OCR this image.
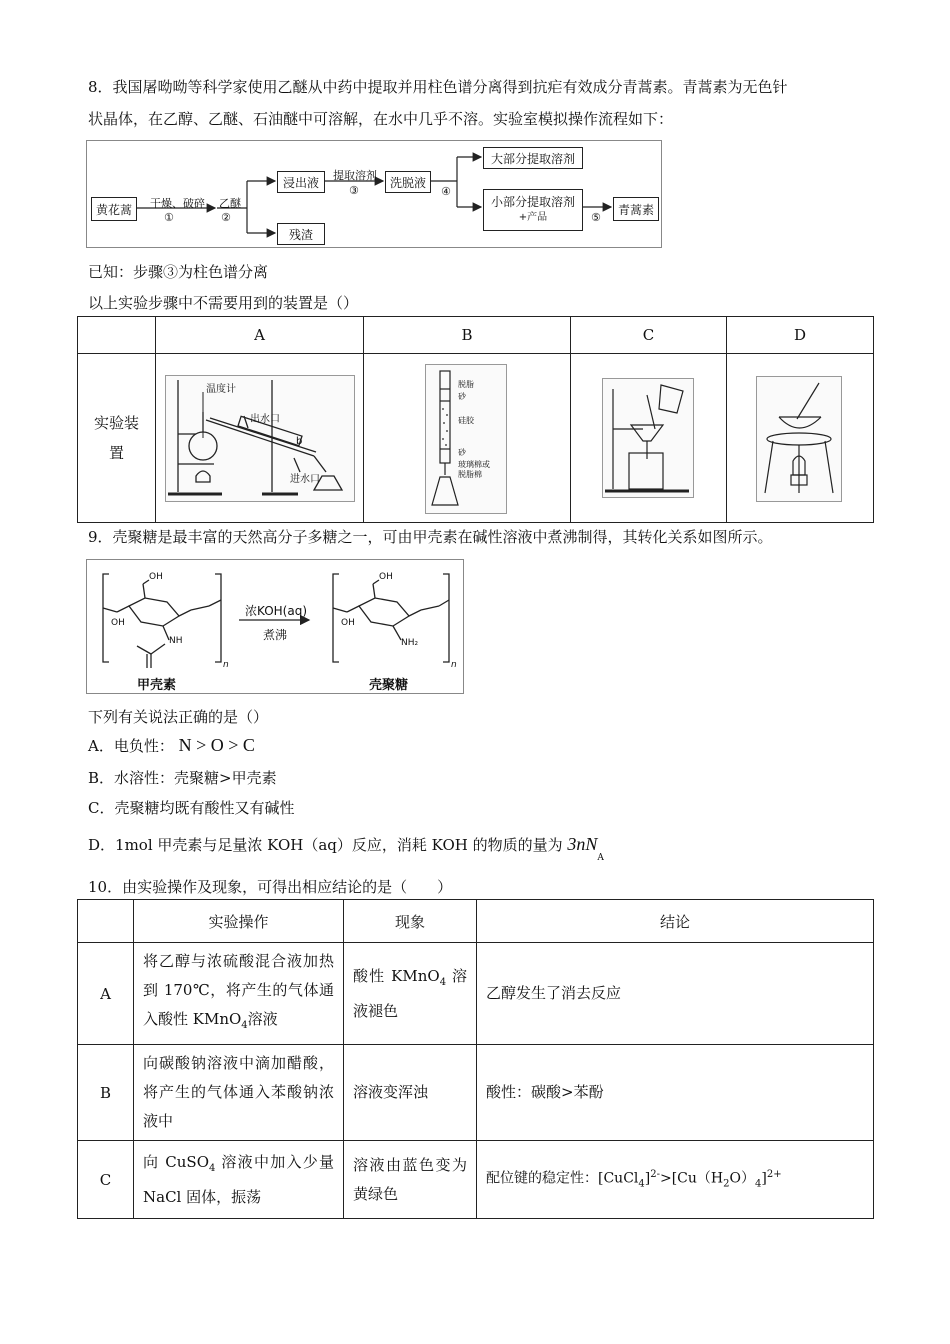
8．我国屠呦呦等科学家使用乙醚从中药中提取并用柱色谱分离得到抗疟有效成分青蒿素。青蒿素为无色针
状晶体，在乙醇、乙醚、石油醚中可溶解，在水中几乎不溶。实验室模拟操作流程如下：
黄花蒿	干燥、破碎
①
乙醚
②
浸出液
残渣
提取溶剂
③
洗脱液
④
大部分提取溶剂
小部分提取溶剂
+产品	⑤
青蒿素
已知：步骤③为柱色谱分离
以上实验步骤中不需要用到的装置是（）
	A	B	C	D

实验装
置				

温度计
出水口
b
进水口
脱脂
砂
硅胶
砂
玻璃棉或
脱脂棉
9．壳聚糖是最丰富的天然高分子多糖之一，可由甲壳素在碱性溶液中煮沸制得，其转化关系如图所示。
OH
OH
NH
n
浓KOH(aq)
煮沸
OH
OH
NH₂
n
甲壳素	壳聚糖
下列有关说法正确的是（）
A．电负性： N > O > C
B．水溶性：壳聚糖>甲壳素
C．壳聚糖均既有酸性又有碱性
D．1mol 甲壳素与足量浓 KOH（aq）反应，消耗 KOH 的物质的量为 $3nN_A$
10．由实验操作及现象，可得出相应结论的是（　　）
	实验操作	现象	结论
A	将乙醇与浓硫酸混合液加热到 170℃，将产生的气体通入酸性 KMnO$_4$溶液	酸性 KMnO$_4$ 溶液褪色	乙醇发生了消去反应
B	向碳酸钠溶液中滴加醋酸，将产生的气体通入苯酸钠浓液中	溶液变浑浊	酸性：碳酸>苯酚
C	向 CuSO$_4$ 溶液中加入少量 NaCl 固体，振荡	溶液由蓝色变为黄绿色	配位键的稳定性：$[CuCl_4]^{2-}>[Cu(H_2O)_4]^{2+}$
